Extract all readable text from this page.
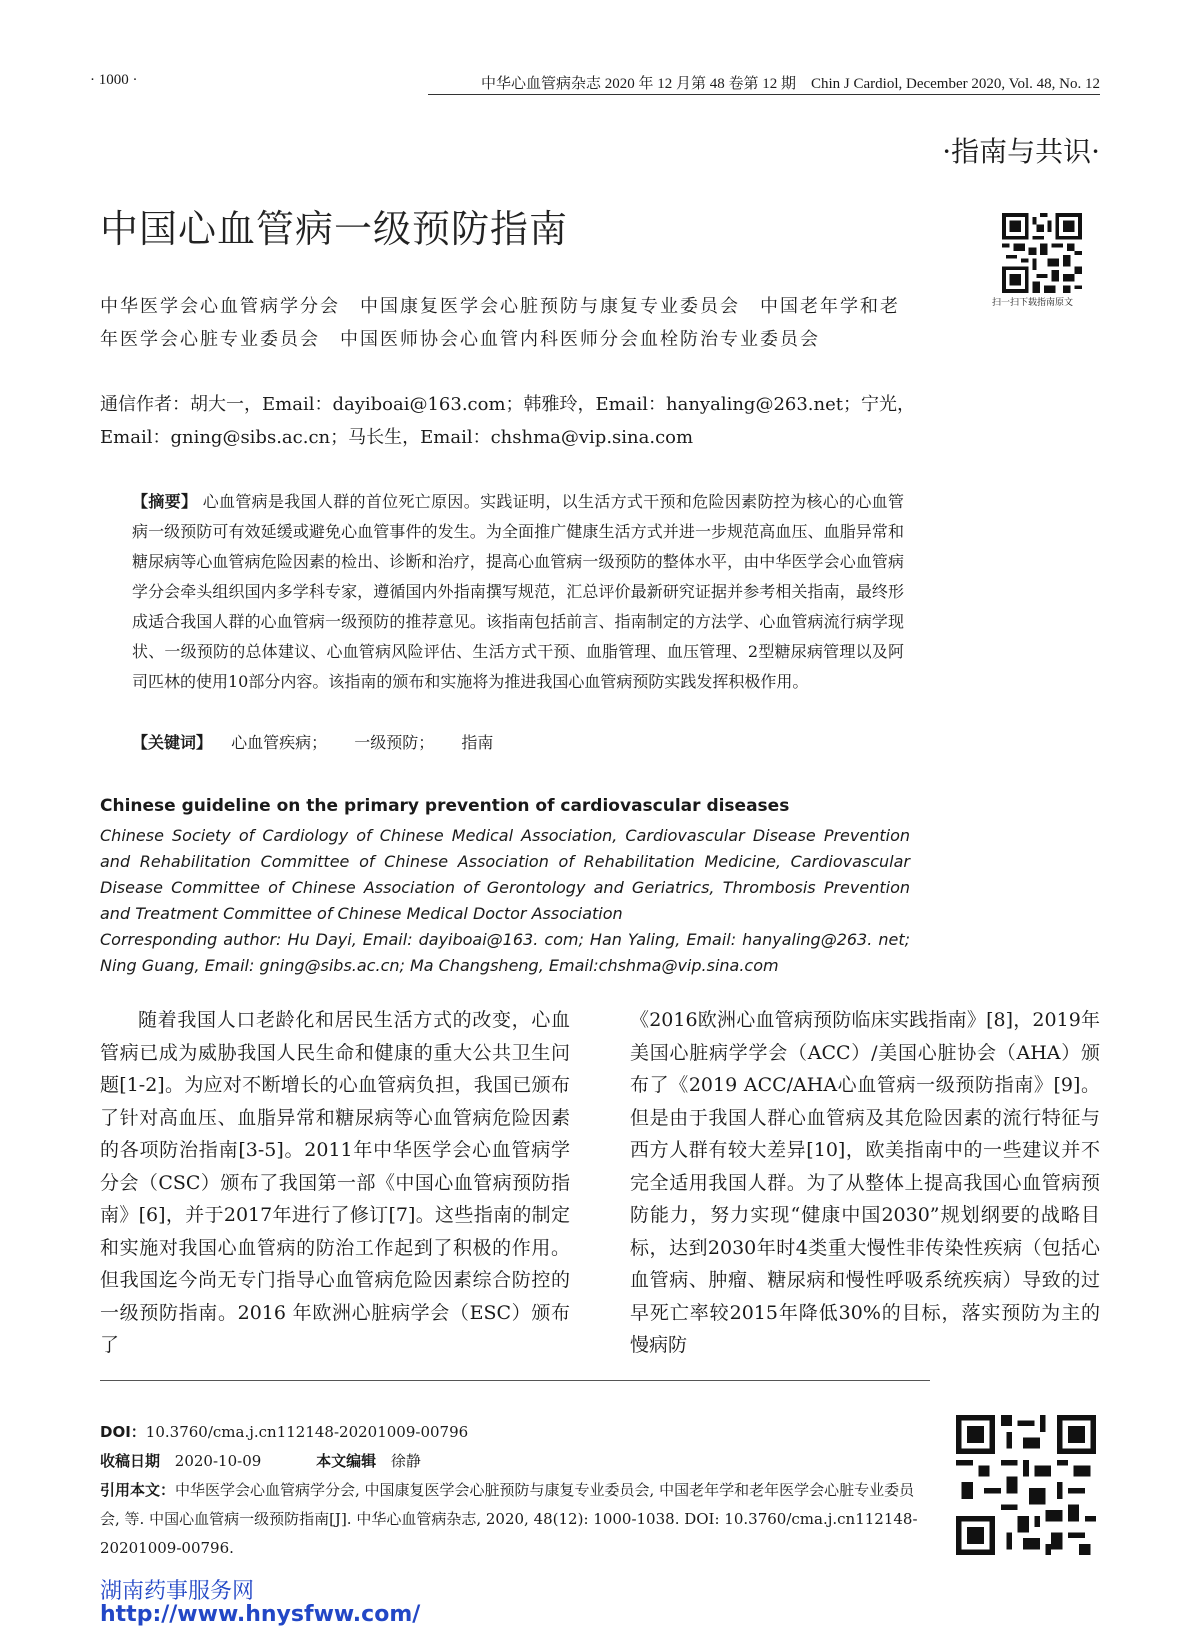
· 1000 ·	中华心血管病杂志 2020 年 12 月第 48 卷第 12 期　Chin J Cardiol, December 2020, Vol. 48, No. 12
·指南与共识·
中国心血管病一级预防指南
扫一扫下载指南原文
中华医学会心血管病学分会　中国康复医学会心脏预防与康复专业委员会　中国老年学和老年医学会心脏专业委员会　中国医师协会心血管内科医师分会血栓防治专业委员会
通信作者：胡大一，Email：dayiboai@163.com；韩雅玲，Email：hanyaling@263.net；宁光，Email：gning@sibs.ac.cn；马长生，Email：chshma@vip.sina.com
【摘要】 心血管病是我国人群的首位死亡原因。实践证明，以生活方式干预和危险因素防控为核心的心血管病一级预防可有效延缓或避免心血管事件的发生。为全面推广健康生活方式并进一步规范高血压、血脂异常和糖尿病等心血管病危险因素的检出、诊断和治疗，提高心血管病一级预防的整体水平，由中华医学会心血管病学分会牵头组织国内多学科专家，遵循国内外指南撰写规范，汇总评价最新研究证据并参考相关指南，最终形成适合我国人群的心血管病一级预防的推荐意见。该指南包括前言、指南制定的方法学、心血管病流行病学现状、一级预防的总体建议、心血管病风险评估、生活方式干预、血脂管理、血压管理、2型糖尿病管理以及阿司匹林的使用10部分内容。该指南的颁布和实施将为推进我国心血管病预防实践发挥积极作用。
【关键词】 心血管疾病； 一级预防； 指南
Chinese guideline on the primary prevention of cardiovascular diseases
Chinese Society of Cardiology of Chinese Medical Association, Cardiovascular Disease Prevention and Rehabilitation Committee of Chinese Association of Rehabilitation Medicine, Cardiovascular Disease Committee of Chinese Association of Gerontology and Geriatrics, Thrombosis Prevention and Treatment Committee of Chinese Medical Doctor Association
Corresponding author: Hu Dayi, Email: dayiboai@163. com; Han Yaling, Email: hanyaling@263. net; Ning Guang, Email: gning@sibs.ac.cn; Ma Changsheng, Email:chshma@vip.sina.com

随着我国人口老龄化和居民生活方式的改变，心血管病已成为威胁我国人民生命和健康的重大公共卫生问题[1-2]。为应对不断增长的心血管病负担，我国已颁布了针对高血压、血脂异常和糖尿病等心血管病危险因素的各项防治指南[3-5]。2011年中华医学会心血管病学分会（CSC）颁布了我国第一部《中国心血管病预防指南》[6]，并于2017年进行了修订[7]。这些指南的制定和实施对我国心血管病的防治工作起到了积极的作用。但我国迄今尚无专门指导心血管病危险因素综合防控的一级预防指南。2016 年欧洲心脏病学会（ESC）颁布了

《2016欧洲心血管病预防临床实践指南》[8]，2019年美国心脏病学学会（ACC）/美国心脏协会（AHA）颁布了《2019 ACC/AHA心血管病一级预防指南》[9]。但是由于我国人群心血管病及其危险因素的流行特征与西方人群有较大差异[10]，欧美指南中的一些建议并不完全适用我国人群。为了从整体上提高我国心血管病预防能力，努力实现“健康中国2030”规划纲要的战略目标，达到2030年时4类重大慢性非传染性疾病（包括心血管病、肿瘤、糖尿病和慢性呼吸系统疾病）导致的过早死亡率较2015年降低30%的目标，落实预防为主的慢病防

DOI：10.3760/cma.j.cn112148-20201009-00796
收稿日期 2020-10-09	本文编辑 徐静
引用本文：中华医学会心血管病学分会, 中国康复医学会心脏预防与康复专业委员会, 中国老年学和老年医学会心脏专业委员会, 等. 中国心血管病一级预防指南[J]. 中华心血管病杂志, 2020, 48(12): 1000-1038. DOI: 10.3760/cma.j.cn112148-20201009-00796.
湖南药事服务网
http://www.hnysfww.com/
